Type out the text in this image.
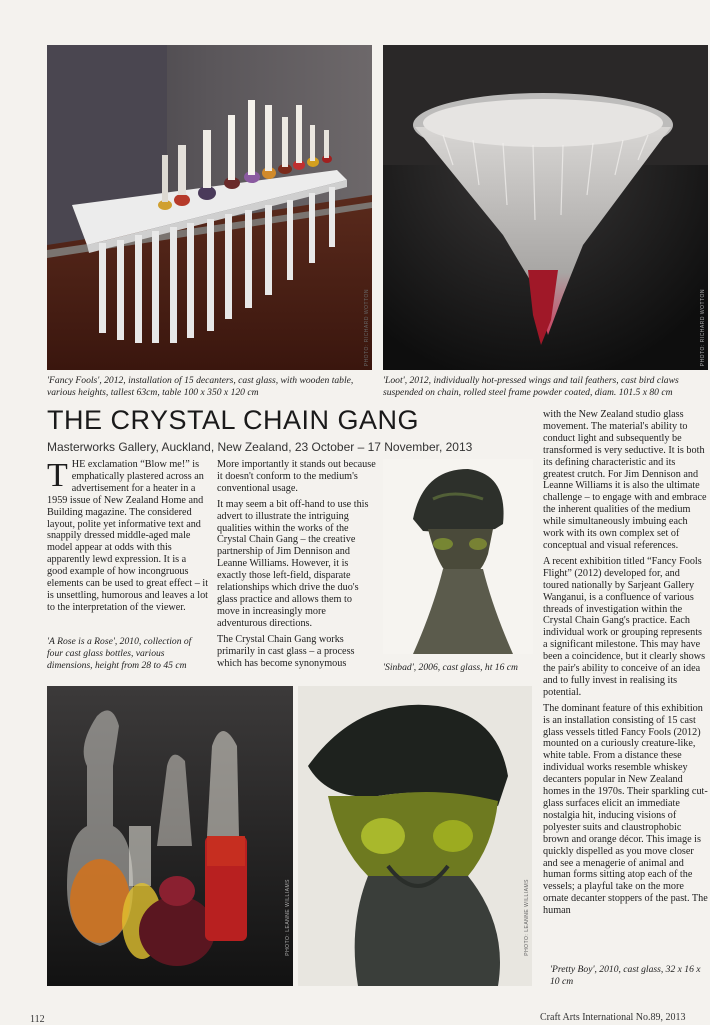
PHOTO: RICHARD WOTTON	PHOTO: RICHARD WOTTON
'Fancy Fools', 2012, installation of 15 decanters, cast glass, with wooden table, various heights, tallest 63cm, table 100 x 350 x 120 cm
'Loot', 2012, individually hot-pressed wings and tail feathers, cast bird claws suspended on chain, rolled steel frame powder coated, diam. 101.5 x 80 cm
THE CRYSTAL CHAIN GANG
Masterworks Gallery, Auckland, New Zealand, 23 October – 17 November, 2013

THE exclamation “Blow me!” is emphatically plastered across an advertisement for a heater in a 1959 issue of New Zealand Home and Building magazine. The considered layout, polite yet informative text and snappily dressed middle-aged male model appear at odds with this apparently lewd expression. It is a good example of how incongruous elements can be used to great effect – it is unsettling, humorous and leaves a lot to the interpretation of the viewer.

'A Rose is a Rose', 2010, collection of four cast glass bottles, various dimensions, height from 28 to 45 cm

More importantly it stands out because it doesn't conform to the medium's conventional usage.

It may seem a bit off-hand to use this advert to illustrate the intriguing qualities within the works of the Crystal Chain Gang – the creative partnership of Jim Dennison and Leanne Williams. However, it is exactly those left-field, disparate relationships which drive the duo's glass practice and allows them to move in increasingly more adventurous directions.

The Crystal Chain Gang works primarily in cast glass – a process which has become synonymous	'Sinbad', 2006, cast glass, ht 16 cm

with the New Zealand studio glass movement. The material's ability to conduct light and subsequently be transformed is very seductive. It is both its defining characteristic and its greatest crutch. For Jim Dennison and Leanne Williams it is also the ultimate challenge – to engage with and embrace the inherent qualities of the medium while simultaneously imbuing each work with its own complex set of conceptual and visual references.

A recent exhibition titled “Fancy Fools Flight” (2012) developed for, and toured nationally by Sarjeant Gallery Wanganui, is a confluence of various threads of investigation within the Crystal Chain Gang's practice. Each individual work or grouping represents a significant milestone. This may have been a coincidence, but it clearly shows the pair's ability to conceive of an idea and to fully invest in realising its potential.

The dominant feature of this exhibition is an installation consisting of 15 cast glass vessels titled Fancy Fools (2012) mounted on a curiously creature-like, white table. From a distance these individual works resemble whiskey decanters popular in New Zealand homes in the 1970s. Their sparkling cut-glass surfaces elicit an immediate nostalgia hit, inducing visions of polyester suits and claustrophobic brown and orange décor. This image is quickly dispelled as you move closer and see a menagerie of animal and human forms sitting atop each of the vessels; a playful take on the more ornate decanter stoppers of the past. The human

PHOTO: LEANNE WILLIAMS	PHOTO: LEANNE WILLIAMS
'Pretty Boy', 2010, cast glass, 32 x 16 x 10 cm
112	Craft Arts International No.89, 2013
